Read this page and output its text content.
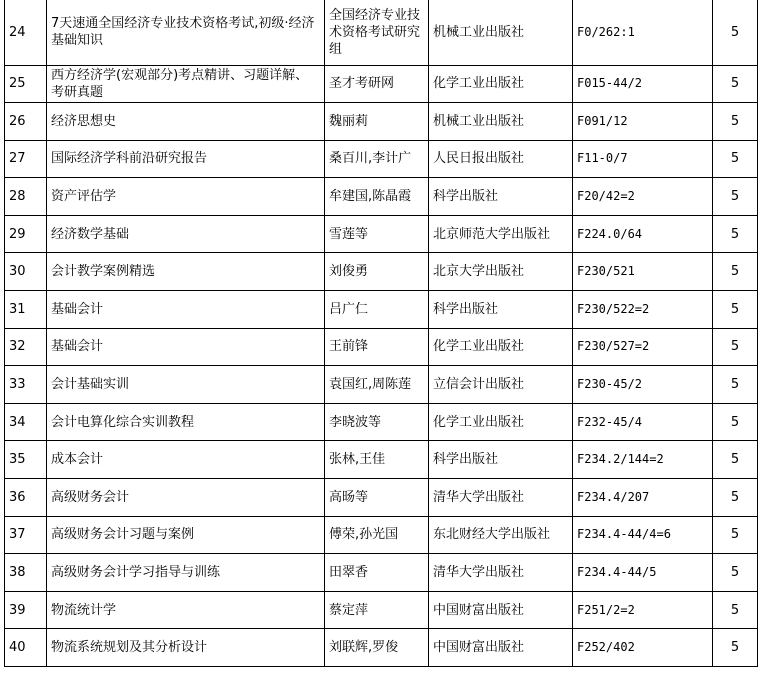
24	7天速通全国经济专业技术资格考试,初级·经济基础知识	全国经济专业技术资格考试研究组	机械工业出版社	F0/262:1	5
25	西方经济学(宏观部分)考点精讲、习题详解、考研真题	圣才考研网	化学工业出版社	F015-44/2	5
26	经济思想史	魏丽莉	机械工业出版社	F091/12	5
27	国际经济学科前沿研究报告	桑百川,李计广	人民日报出版社	F11-0/7	5
28	资产评估学	牟建国,陈晶霞	科学出版社	F20/42=2	5
29	经济数学基础	雪莲等	北京师范大学出版社	F224.0/64	5
30	会计教学案例精选	刘俊勇	北京大学出版社	F230/521	5
31	基础会计	吕广仁	科学出版社	F230/522=2	5
32	基础会计	王前锋	化学工业出版社	F230/527=2	5
33	会计基础实训	袁国红,周陈莲	立信会计出版社	F230-45/2	5
34	会计电算化综合实训教程	李晓波等	化学工业出版社	F232-45/4	5
35	成本会计	张林,王佳	科学出版社	F234.2/144=2	5
36	高级财务会计	高旸等	清华大学出版社	F234.4/207	5
37	高级财务会计习题与案例	傅荣,孙光国	东北财经大学出版社	F234.4-44/4=6	5
38	高级财务会计学习指导与训练	田翠香	清华大学出版社	F234.4-44/5	5
39	物流统计学	蔡定萍	中国财富出版社	F251/2=2	5
40	物流系统规划及其分析设计	刘联辉,罗俊	中国财富出版社	F252/402	5
